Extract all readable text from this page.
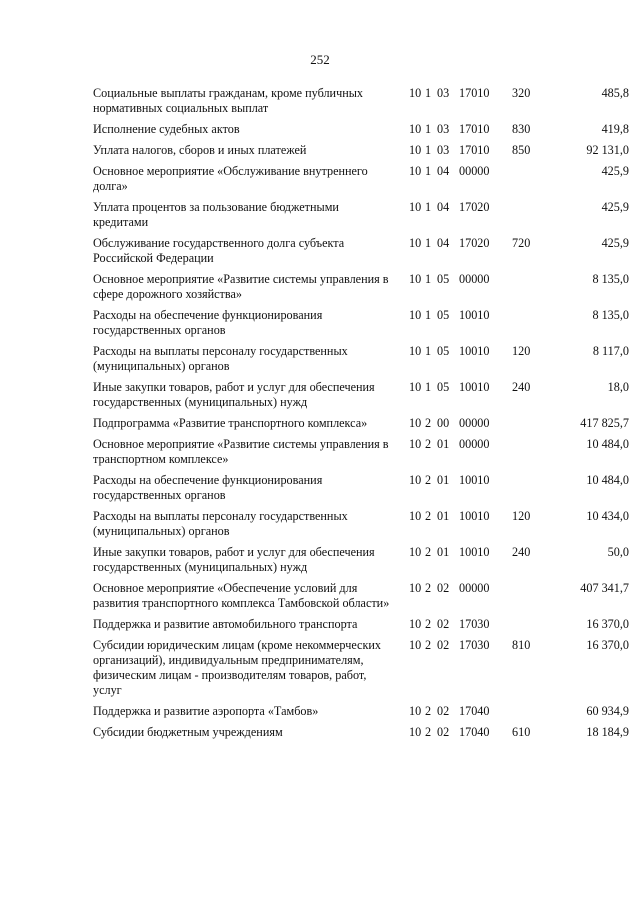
252
Социальные выплаты гражданам, кроме публичных нормативных социальных выплат	10 1 03 17010	320	485,8
Исполнение судебных актов	10 1 03 17010	830	419,8
Уплата налогов, сборов и иных платежей	10 1 03 17010	850	92 131,0
Основное мероприятие «Обслуживание внутреннего долга»	10 1 04 00000		425,9
Уплата процентов за пользование бюджетными кредитами	10 1 04 17020		425,9
Обслуживание государственного долга субъекта Российской Федерации	10 1 04 17020	720	425,9
Основное мероприятие «Развитие системы управления в сфере дорожного хозяйства»	10 1 05 00000		8 135,0
Расходы на обеспечение функционирования государственных органов	10 1 05 10010		8 135,0
Расходы на выплаты персоналу государственных (муниципальных) органов	10 1 05 10010	120	8 117,0
Иные закупки товаров, работ и услуг для обеспечения государственных (муниципальных) нужд	10 1 05 10010	240	18,0
Подпрограмма «Развитие транспортного комплекса»	10 2 00 00000		417 825,7
Основное мероприятие «Развитие системы управления в транспортном комплексе»	10 2 01 00000		10 484,0
Расходы на обеспечение функционирования государственных органов	10 2 01 10010		10 484,0
Расходы на выплаты персоналу государственных (муниципальных) органов	10 2 01 10010	120	10 434,0
Иные закупки товаров, работ и услуг для обеспечения государственных (муниципальных) нужд	10 2 01 10010	240	50,0
Основное мероприятие «Обеспечение условий для развития транспортного комплекса Тамбовской области»	10 2 02 00000		407 341,7
Поддержка и развитие автомобильного транспорта	10 2 02 17030		16 370,0
Субсидии юридическим лицам (кроме некоммерческих организаций), индивидуальным предпринимателям, физическим лицам - производителям товаров, работ, услуг	10 2 02 17030	810	16 370,0
Поддержка и развитие аэропорта «Тамбов»	10 2 02 17040		60 934,9
Субсидии бюджетным учреждениям	10 2 02 17040	610	18 184,9
